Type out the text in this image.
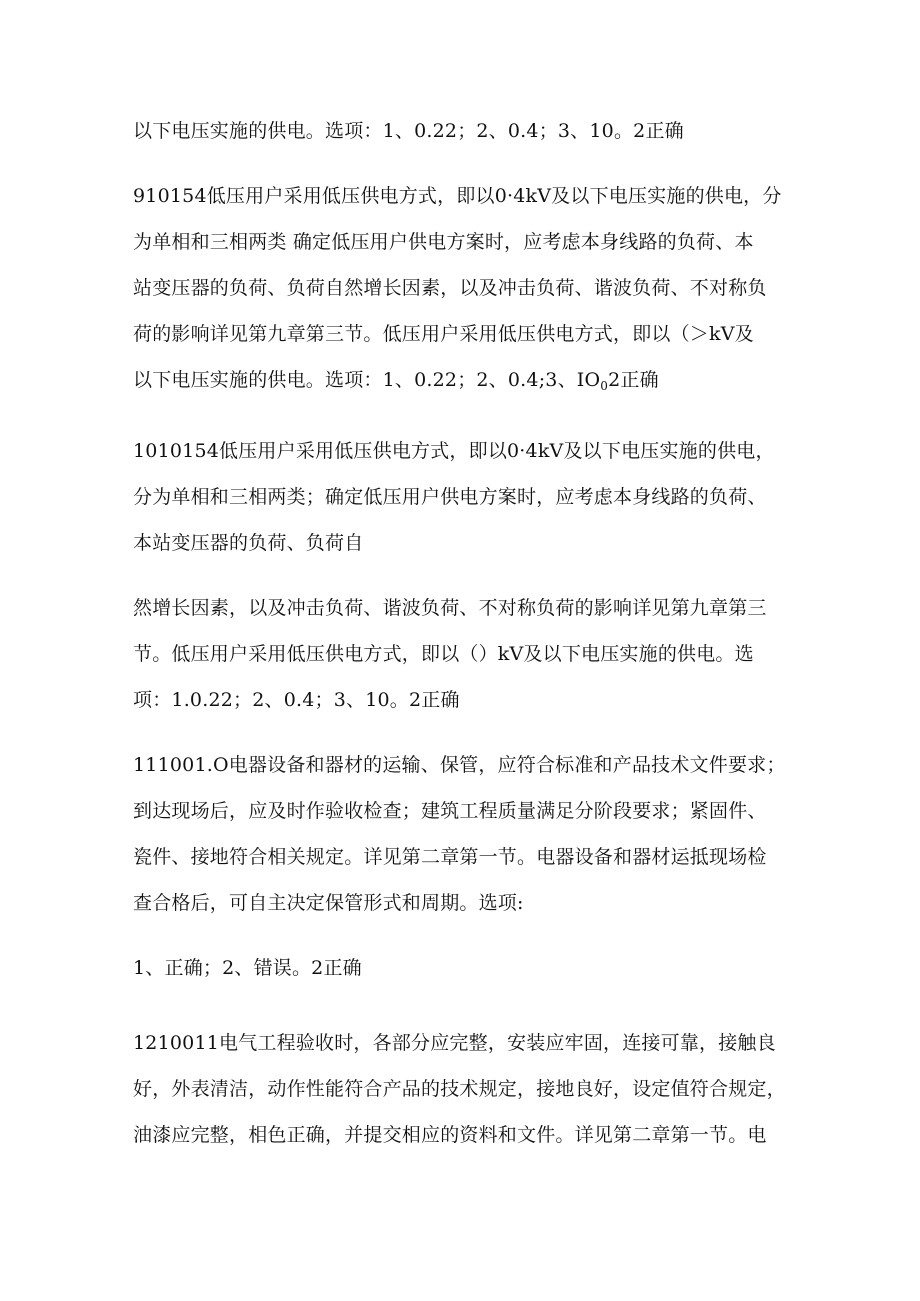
以下电压实施的供电。选项：1、0.22；2、0.4；3、10。2正确
910154低压用户采用低压供电方式，即以0·4kV及以下电压实施的供电，分
为单相和三相两类 确定低压用户供电方案时，应考虑本身线路的负荷、本
站变压器的负荷、负荷自然增长因素，以及冲击负荷、谐波负荷、不对称负
荷的影响详见第九章第三节。低压用户采用低压供电方式，即以（＞kV及
以下电压实施的供电。选项：1、0.22；2、0.4;3、$IO_02$正确
1010154低压用户采用低压供电方式，即以0·4kV及以下电压实施的供电，
分为单相和三相两类；确定低压用户供电方案时，应考虑本身线路的负荷、
本站变压器的负荷、负荷自
然增长因素，以及冲击负荷、谐波负荷、不对称负荷的影响详见第九章第三
节。低压用户采用低压供电方式，即以（）kV及以下电压实施的供电。选
项：1.0.22；2、0.4；3、10。2正确
111001.O电器设备和器材的运输、保管，应符合标准和产品技术文件要求；
到达现场后，应及时作验收检查；建筑工程质量满足分阶段要求；紧固件、
瓷件、接地符合相关规定。详见第二章第一节。电器设备和器材运抵现场检
查合格后，可自主决定保管形式和周期。选项:
1、正确；2、错误。2正确
1210011电气工程验收时，各部分应完整，安装应牢固，连接可靠，接触良
好，外表清洁，动作性能符合产品的技术规定，接地良好，设定值符合规定，
油漆应完整，相色正确，并提交相应的资料和文件。详见第二章第一节。电
